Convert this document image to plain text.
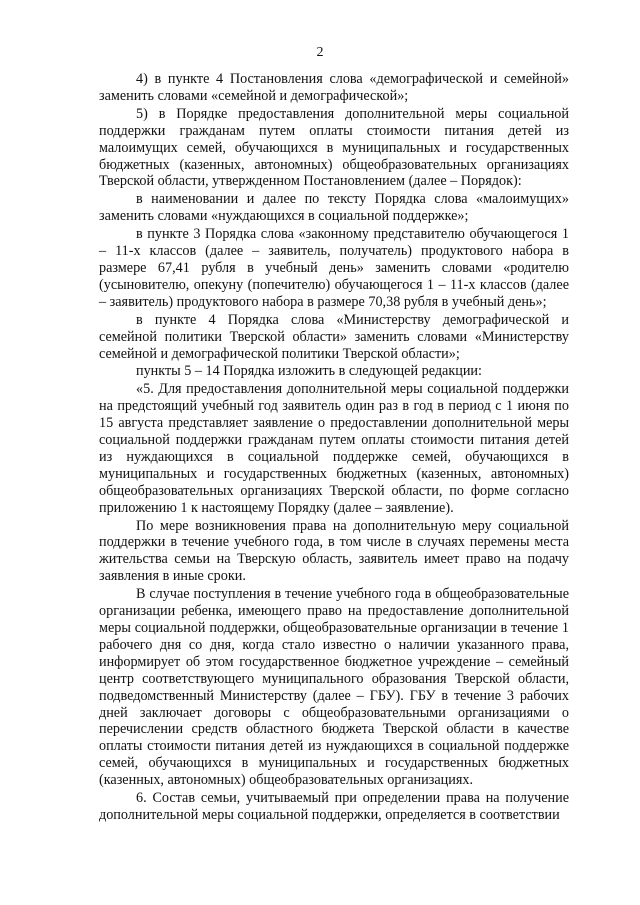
2

4) в пункте 4 Постановления слова «демографической и семейной» заменить словами «семейной и демографической»;

5) в Порядке предоставления дополнительной меры социальной поддержки гражданам путем оплаты стоимости питания детей из малоимущих семей, обучающихся в муниципальных и государственных бюджетных (казенных, автономных) общеобразовательных организациях Тверской области, утвержденном Постановлением (далее – Порядок):

в наименовании и далее по тексту Порядка слова «малоимущих» заменить словами «нуждающихся в социальной поддержке»;

в пункте 3 Порядка слова «законному представителю обучающегося 1 – 11-х классов (далее – заявитель, получатель) продуктового набора в размере 67,41 рубля в учебный день» заменить словами «родителю (усыновителю, опекуну (попечителю) обучающегося 1 – 11-х классов (далее – заявитель) продуктового набора в размере 70,38 рубля в учебный день»;

в пункте 4 Порядка слова «Министерству демографической и семейной политики Тверской области» заменить словами «Министерству семейной и демографической политики Тверской области»;

пункты 5 – 14 Порядка изложить в следующей редакции:

«5. Для предоставления дополнительной меры социальной поддержки на предстоящий учебный год заявитель один раз в год в период с 1 июня по 15 августа представляет заявление о предоставлении дополнительной меры социальной поддержки гражданам путем оплаты стоимости питания детей из нуждающихся в социальной поддержке семей, обучающихся в муниципальных и государственных бюджетных (казенных, автономных) общеобразовательных организациях Тверской области, по форме согласно приложению 1 к настоящему Порядку (далее – заявление).

По мере возникновения права на дополнительную меру социальной поддержки в течение учебного года, в том числе в случаях перемены места жительства семьи на Тверскую область, заявитель имеет право на подачу заявления в иные сроки.

В случае поступления в течение учебного года в общеобразовательные организации ребенка, имеющего право на предоставление дополнительной меры социальной поддержки, общеобразовательные организации в течение 1 рабочего дня со дня, когда стало известно о наличии указанного права, информирует об этом государственное бюджетное учреждение – семейный центр соответствующего муниципального образования Тверской области, подведомственный Министерству (далее – ГБУ). ГБУ в течение 3 рабочих дней заключает договоры с общеобразовательными организациями о перечислении средств областного бюджета Тверской области в качестве оплаты стоимости питания детей из нуждающихся в социальной поддержке семей, обучающихся в муниципальных и государственных бюджетных (казенных, автономных) общеобразовательных организациях.

6. Состав семьи, учитываемый при определении права на получение дополнительной меры социальной поддержки, определяется в соответствии
